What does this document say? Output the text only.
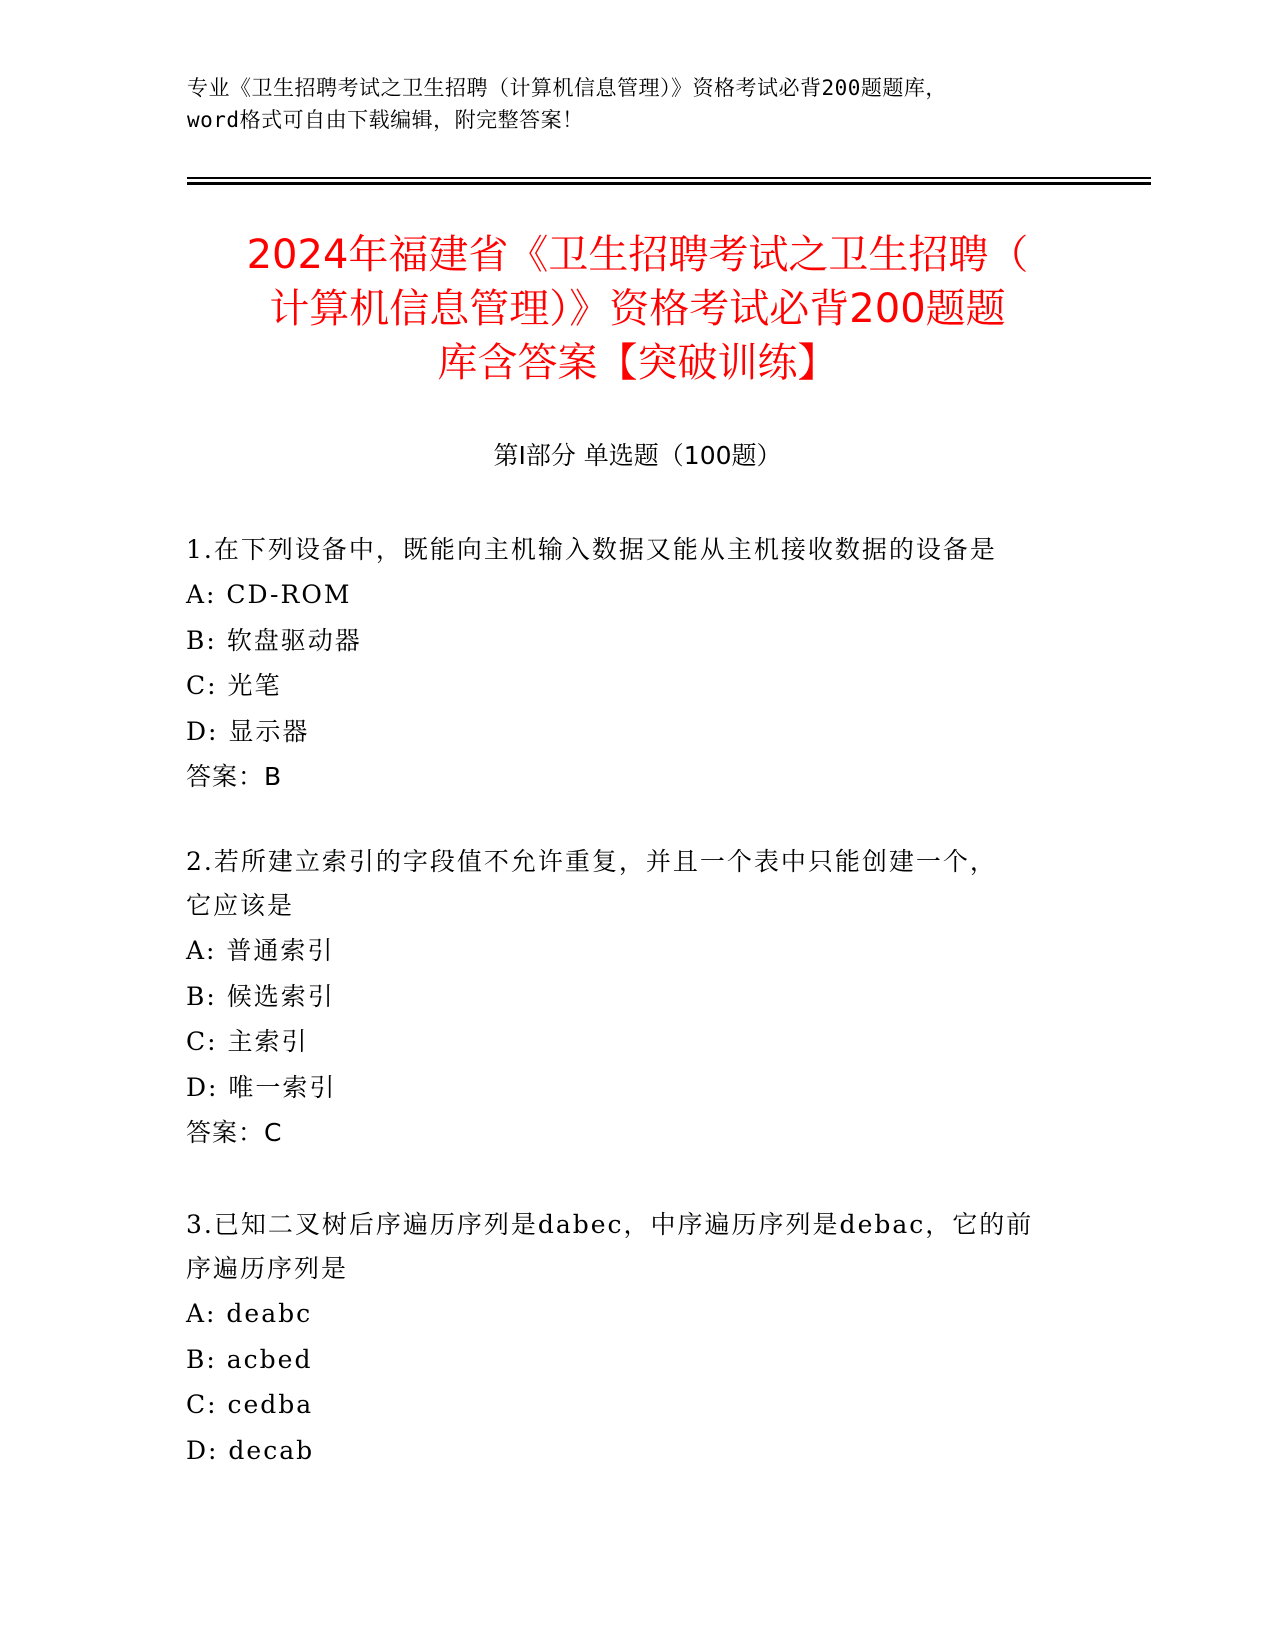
专业《卫生招聘考试之卫生招聘（计算机信息管理）》资格考试必背200题题库，
word格式可自由下载编辑，附完整答案！
2024年福建省《卫生招聘考试之卫生招聘（
计算机信息管理）》资格考试必背200题题
库含答案【突破训练】
第I部分 单选题（100题）
1.在下列设备中，既能向主机输入数据又能从主机接收数据的设备是
A: CD-ROM
B: 软盘驱动器
C: 光笔
D: 显示器
答案：B
2.若所建立索引的字段值不允许重复，并且一个表中只能创建一个，
它应该是
A: 普通索引
B: 候选索引
C: 主索引
D: 唯一索引
答案：C
3.已知二叉树后序遍历序列是dabec，中序遍历序列是debac，它的前
序遍历序列是
A: deabc
B: acbed
C: cedba
D: decab
